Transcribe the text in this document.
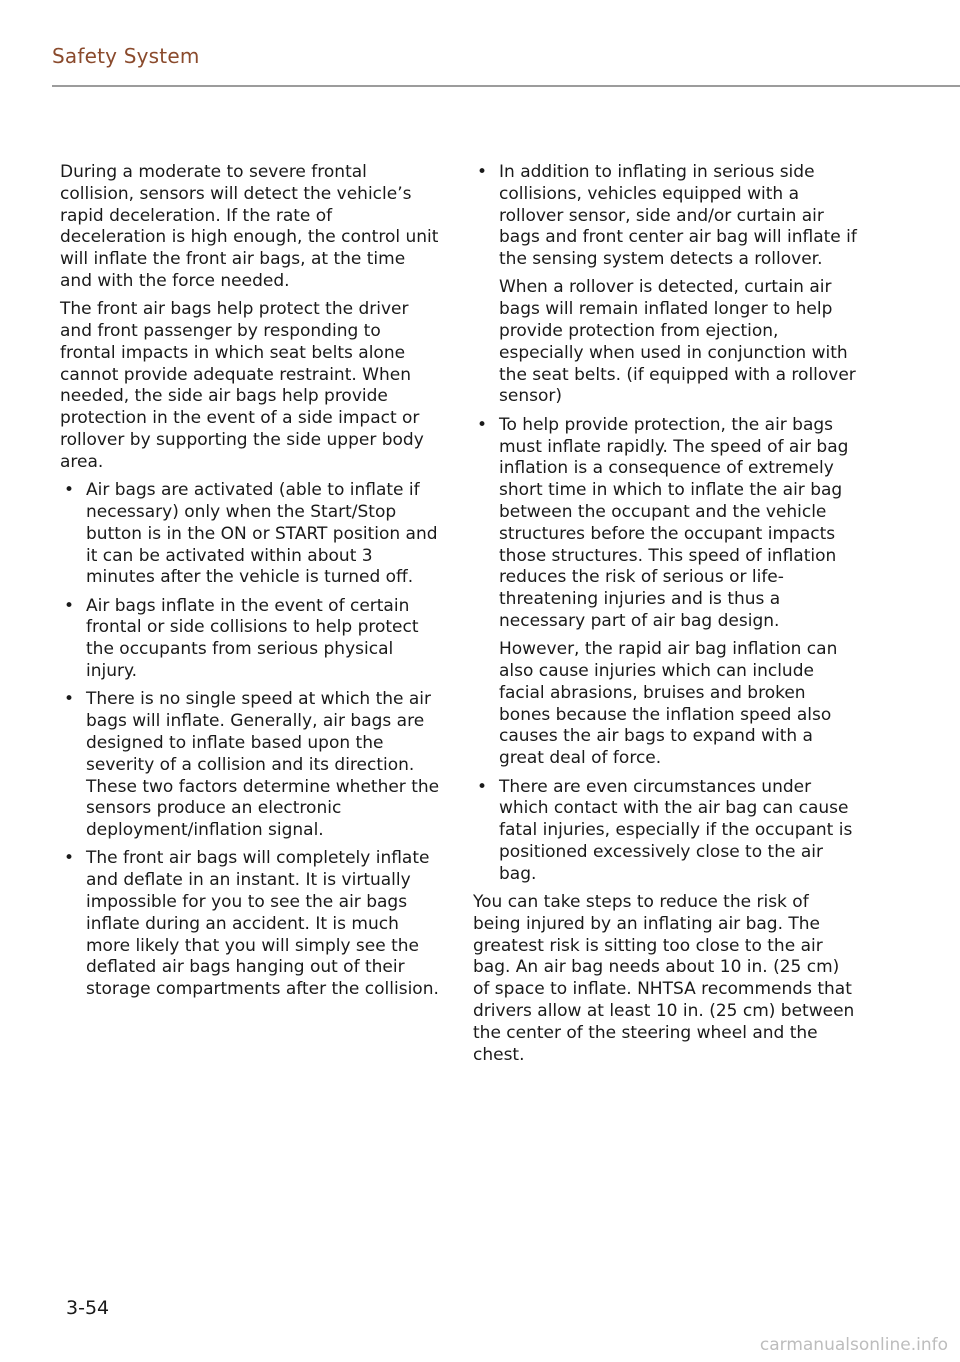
Safety System

During a moderate to severe frontal collision, sensors will detect the vehicle’s rapid deceleration. If the rate of deceleration is high enough, the control unit will inflate the front air bags, at the time and with the force needed.

The front air bags help protect the driver and front passenger by responding to frontal impacts in which seat belts alone cannot provide adequate restraint. When needed, the side air bags help provide protection in the event of a side impact or rollover by supporting the side upper body area.

• Air bags are activated (able to inflate if necessary) only when the Start/Stop button is in the ON or START position and it can be activated within about 3 minutes after the vehicle is turned off.
• Air bags inflate in the event of certain frontal or side collisions to help protect the occupants from serious physical injury.
• There is no single speed at which the air bags will inflate. Generally, air bags are designed to inflate based upon the severity of a collision and its direction. These two factors determine whether the sensors produce an electronic deployment/inflation signal.
• The front air bags will completely inflate and deflate in an instant. It is virtually impossible for you to see the air bags inflate during an accident. It is much more likely that you will simply see the deflated air bags hanging out of their storage compartments after the collision.

• In addition to inflating in serious side collisions, vehicles equipped with a rollover sensor, side and/or curtain air bags and front center air bag will inflate if the sensing system detects a rollover.

When a rollover is detected, curtain air bags will remain inflated longer to help provide protection from ejection, especially when used in conjunction with the seat belts. (if equipped with a rollover sensor)

• To help provide protection, the air bags must inflate rapidly. The speed of air bag inflation is a consequence of extremely short time in which to inflate the air bag between the occupant and the vehicle structures before the occupant impacts those structures. This speed of inflation reduces the risk of serious or life-threatening injuries and is thus a necessary part of air bag design.

However, the rapid air bag inflation can also cause injuries which can include facial abrasions, bruises and broken bones because the inflation speed also causes the air bags to expand with a great deal of force.

• There are even circumstances under which contact with the air bag can cause fatal injuries, especially if the occupant is positioned excessively close to the air bag.

You can take steps to reduce the risk of being injured by an inflating air bag. The greatest risk is sitting too close to the air bag. An air bag needs about 10 in. (25 cm) of space to inflate. NHTSA recommends that drivers allow at least 10 in. (25 cm) between the center of the steering wheel and the chest.

3-54
carmanualsonline.info
